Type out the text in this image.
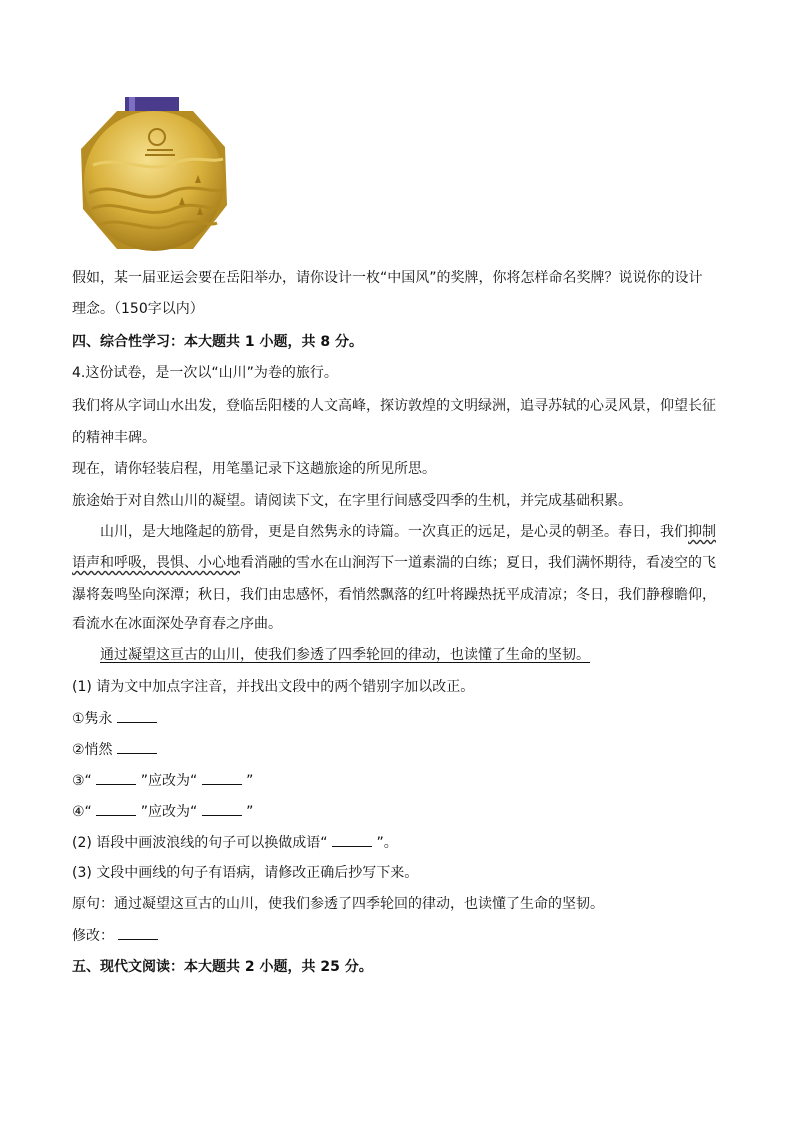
假如，某一届亚运会要在岳阳举办，请你设计一枚“中国风”的奖牌，你将怎样命名奖牌？说说你的设计
理念。（150字以内）
四、综合性学习：本大题共 1 小题，共 8 分。
4.这份试卷，是一次以“山川”为卷的旅行。
我们将从字词山水出发，登临岳阳楼的人文高峰，探访敦煌的文明绿洲，追寻苏轼的心灵风景，仰望长征
的精神丰碑。
现在，请你轻装启程，用笔墨记录下这趟旅途的所见所思。
旅途始于对自然山川的凝望。请阅读下文，在字里行间感受四季的生机，并完成基础积累。
山川，是大地隆起的筋骨，更是自然隽永的诗篇。一次真正的远足，是心灵的朝圣。春日，我们抑制
语声和呼吸，畏惧、小心地看消融的雪水在山涧泻下一道素湍的白练；夏日，我们满怀期待，看凌空的飞
瀑将轰鸣坠向深潭；秋日，我们由忠感怀，看悄然飘落的红叶将躁热抚平成清凉；冬日，我们静穆瞻仰，
看流水在冰面深处孕育春之序曲。
通过凝望这亘古的山川，使我们参透了四季轮回的律动，也读懂了生命的坚韧。
(1) 请为文中加点字注音，并找出文段中的两个错别字加以改正。
①隽永
②悄然
③“	”应改为“	”
④“	”应改为“	”
(2) 语段中画波浪线的句子可以换做成语“	”。
(3) 文段中画线的句子有语病，请修改正确后抄写下来。
原句：通过凝望这亘古的山川，使我们参透了四季轮回的律动，也读懂了生命的坚韧。
修改：
五、现代文阅读：本大题共 2 小题，共 25 分。
